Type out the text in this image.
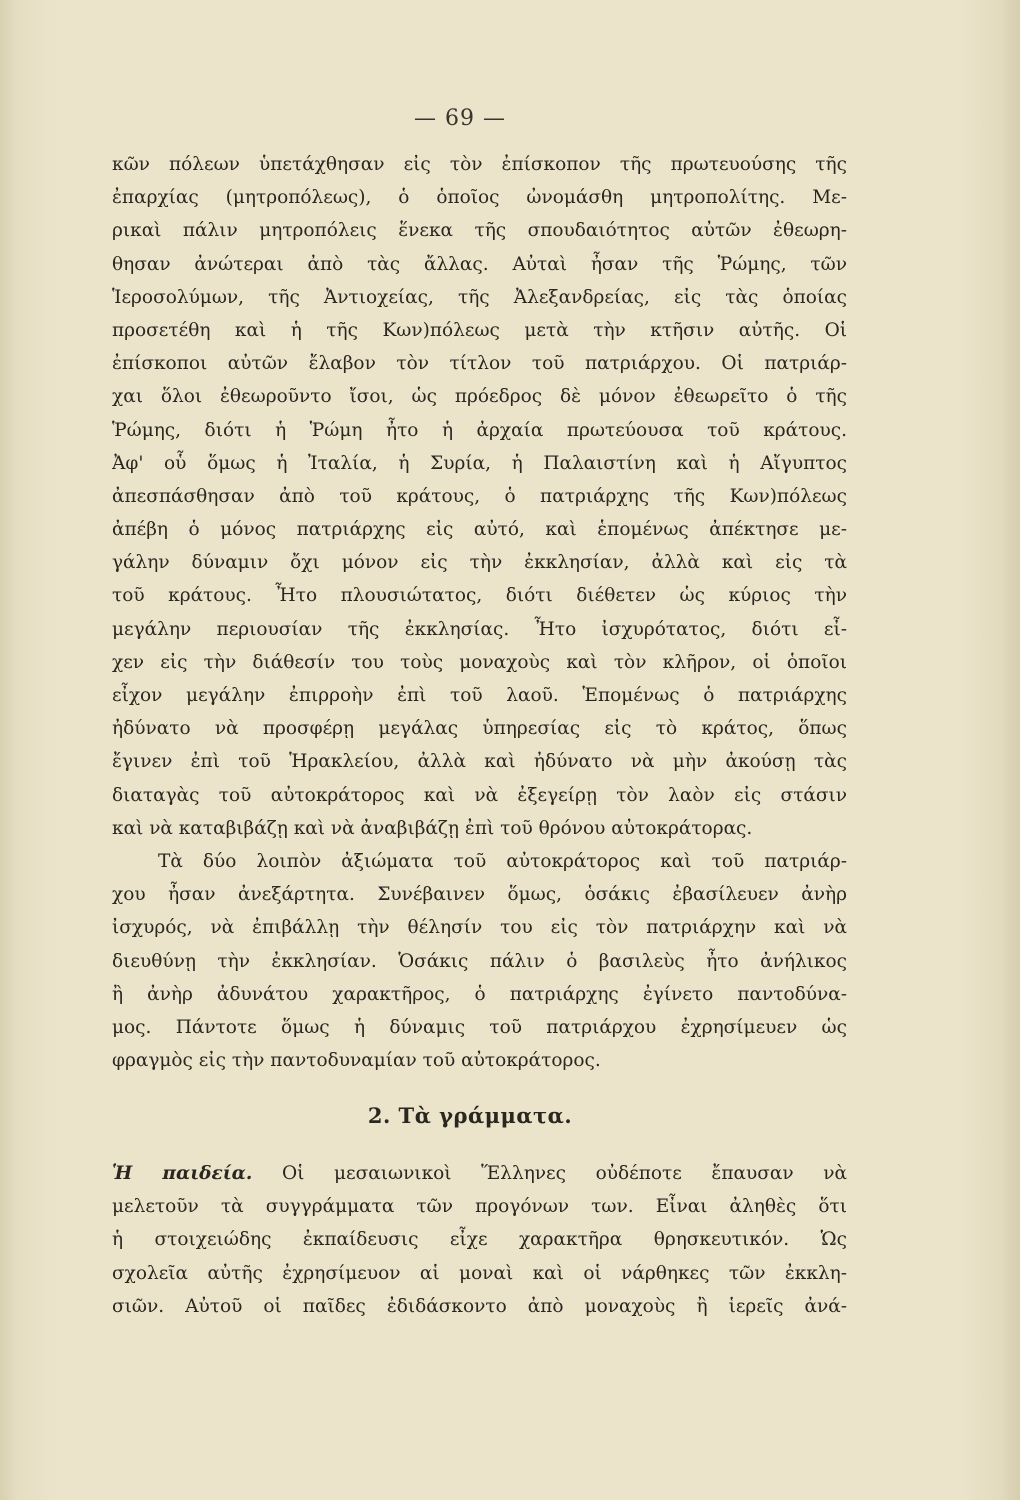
— 69 —
κῶν πόλεων ὑπετάχθησαν εἰς τὸν ἐπίσκοπον τῆς πρωτευούσης τῆς
ἐπαρχίας (μητροπόλεως), ὁ ὁποῖος ὠνομάσθη μητροπολίτης. Με-
ρικαὶ πάλιν μητροπόλεις ἕνεκα τῆς σπουδαιότητος αὐτῶν ἐθεωρη-
θησαν ἀνώτεραι ἀπὸ τὰς ἄλλας. Αὐταὶ ἦσαν τῆς Ῥώμης, τῶν
Ἱεροσολύμων, τῆς Ἀντιοχείας, τῆς Ἀλεξανδρείας, εἰς τὰς ὁποίας
προσετέθη καὶ ἡ τῆς Κων)πόλεως μετὰ τὴν κτῆσιν αὐτῆς. Οἱ
ἐπίσκοποι αὐτῶν ἔλαβον τὸν τίτλον τοῦ πατριάρχου. Οἱ πατριάρ-
χαι ὅλοι ἐθεωροῦντο ἴσοι, ὡς πρόεδρος δὲ μόνον ἐθεωρεῖτο ὁ τῆς
Ῥώμης, διότι ἡ Ῥώμη ἦτο ἡ ἀρχαία πρωτεύουσα τοῦ κράτους.
Ἀφ' οὗ ὅμως ἡ Ἰταλία, ἡ Συρία, ἡ Παλαιστίνη καὶ ἡ Αἴγυπτος
ἀπεσπάσθησαν ἀπὸ τοῦ κράτους, ὁ πατριάρχης τῆς Κων)πόλεως
ἀπέβη ὁ μόνος πατριάρχης εἰς αὐτό, καὶ ἑπομένως ἀπέκτησε με-
γάλην δύναμιν ὄχι μόνον εἰς τὴν ἐκκλησίαν, ἀλλὰ καὶ εἰς τὰ
τοῦ κράτους. Ἦτο πλουσιώτατος, διότι διέθετεν ὡς κύριος τὴν
μεγάλην περιουσίαν τῆς ἐκκλησίας. Ἦτο ἰσχυρότατος, διότι εἶ-
χεν εἰς τὴν διάθεσίν του τοὺς μοναχοὺς καὶ τὸν κλῆρον, οἱ ὁποῖοι
εἶχον μεγάλην ἐπιρροὴν ἐπὶ τοῦ λαοῦ. Ἑπομένως ὁ πατριάρχης
ἠδύνατο νὰ προσφέρῃ μεγάλας ὑπηρεσίας εἰς τὸ κράτος, ὅπως
ἔγινεν ἐπὶ τοῦ Ἡρακλείου, ἀλλὰ καὶ ἠδύνατο νὰ μὴν ἀκούσῃ τὰς
διαταγὰς τοῦ αὐτοκράτορος καὶ νὰ ἐξεγείρῃ τὸν λαὸν εἰς στάσιν
καὶ νὰ καταβιβάζῃ καὶ νὰ ἀναβιβάζῃ ἐπὶ τοῦ θρόνου αὐτοκράτορας.
Τὰ δύο λοιπὸν ἀξιώματα τοῦ αὐτοκράτορος καὶ τοῦ πατριάρ-
χου ἦσαν ἀνεξάρτητα. Συνέβαινεν ὅμως, ὁσάκις ἐβασίλευεν ἀνὴρ
ἰσχυρός, νὰ ἐπιβάλλῃ τὴν θέλησίν του εἰς τὸν πατριάρχην καὶ νὰ
διευθύνῃ τὴν ἐκκλησίαν. Ὁσάκις πάλιν ὁ βασιλεὺς ἦτο ἀνήλικος
ἢ ἀνὴρ ἀδυνάτου χαρακτῆρος, ὁ πατριάρχης ἐγίνετο παντοδύνα-
μος. Πάντοτε ὅμως ἡ δύναμις τοῦ πατριάρχου ἐχρησίμευεν ὡς
φραγμὸς εἰς τὴν παντοδυναμίαν τοῦ αὐτοκράτορος.
2. Τὰ γράμματα.
Ἡ παιδεία. Οἱ μεσαιωνικοὶ Ἕλληνες οὐδέποτε ἔπαυσαν νὰ
μελετοῦν τὰ συγγράμματα τῶν προγόνων των. Εἶναι ἀληθὲς ὅτι
ἡ στοιχειώδης ἐκπαίδευσις εἶχε χαρακτῆρα θρησκευτικόν. Ὡς
σχολεῖα αὐτῆς ἐχρησίμευον αἱ μοναὶ καὶ οἱ νάρθηκες τῶν ἐκκλη-
σιῶν. Αὐτοῦ οἱ παῖδες ἐδιδάσκοντο ἀπὸ μοναχοὺς ἢ ἱερεῖς ἀνά-
